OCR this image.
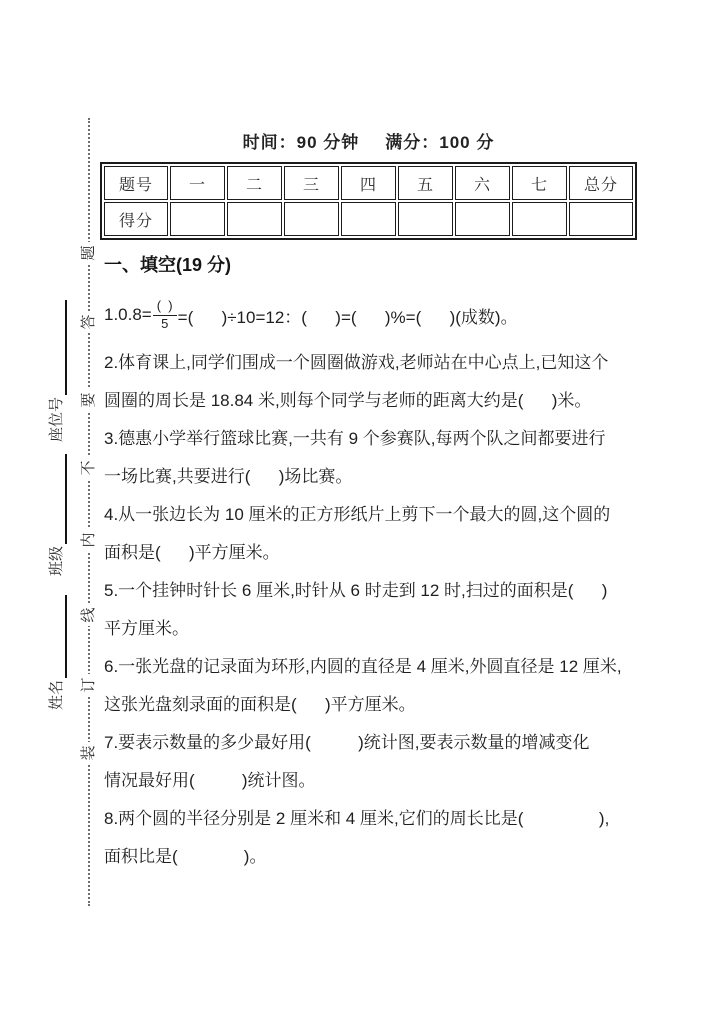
题
答
要
不
内
线
订
装
座位号
班级
姓名
时间：90 分钟 满分：100 分
题号	一	二	三	四	五	六	七	总分
得分								
一、填空(19 分)
$1.0.8= \frac{( )}{5}$ =(      )÷10=12：(      )=(      )%=(      )(成数)。
2.体育课上,同学们围成一个圆圈做游戏,老师站在中心点上,已知这个
圆圈的周长是 18.84 米,则每个同学与老师的距离大约是(      )米。
3.德惠小学举行篮球比赛,一共有 9 个参赛队,每两个队之间都要进行
一场比赛,共要进行(      )场比赛。
4.从一张边长为 10 厘米的正方形纸片上剪下一个最大的圆,这个圆的
面积是(      )平方厘米。
5.一个挂钟时针长 6 厘米,时针从 6 时走到 12 时,扫过的面积是(      )
平方厘米。
6.一张光盘的记录面为环形,内圆的直径是 4 厘米,外圆直径是 12 厘米,
这张光盘刻录面的面积是(      )平方厘米。
7.要表示数量的多少最好用(          )统计图,要表示数量的增减变化
情况最好用(          )统计图。
8.两个圆的半径分别是 2 厘米和 4 厘米,它们的周长比是(                ),
面积比是(              )。
